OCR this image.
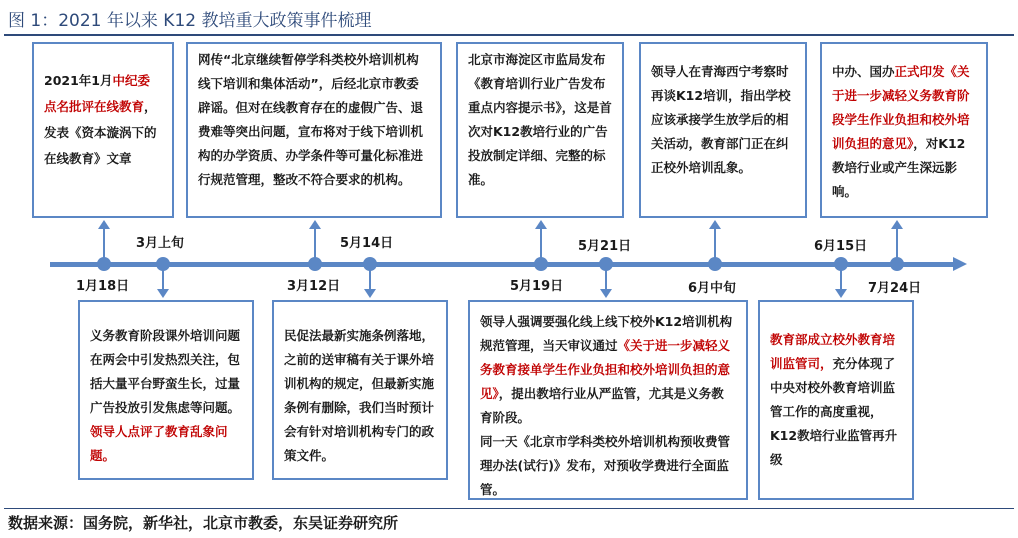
图 1：2021 年以来 K12 教培重大政策事件梳理
2021年1月中纪委点名批评在线教育，发表《资本漩涡下的在线教育》文章
网传“北京继续暂停学科类校外培训机构线下培训和集体活动”，后经北京市教委辟谣。但对在线教育存在的虚假广告、退费难等突出问题，宣布将对于线下培训机构的办学资质、办学条件等可量化标准进行规范管理，整改不符合要求的机构。
北京市海淀区市监局发布《教育培训行业广告发布重点内容提示书》，这是首次对K12教培行业的广告投放制定详细、完整的标准。
领导人在青海西宁考察时再谈K12培训，指出学校应该承接学生放学后的相关活动，教育部门正在纠正校外培训乱象。
中办、国办正式印发《关于进一步减轻义务教育阶段学生作业负担和校外培训负担的意见》，对K12教培行业或产生深远影响。
义务教育阶段课外培训问题在两会中引发热烈关注，包括大量平台野蛮生长，过量广告投放引发焦虑等问题。领导人点评了教育乱象问题。
民促法最新实施条例落地，之前的送审稿有关于课外培训机构的规定，但最新实施条例有删除，我们当时预计会有针对培训机构专门的政策文件。

领导人强调要强化线上线下校外K12培训机构规范管理，当天审议通过《关于进一步减轻义务教育接单学生作业负担和校外培训负担的意见》，提出教培行业从严监管，尤其是义务教育阶段。

同一天《北京市学科类校外培训机构预收费管理办法(试行)》发布，对预收学费进行全面监管。

教育部成立校外教育培训监管司，充分体现了中央对校外教育培训监管工作的高度重视，K12教培行业监管再升级
1月18日
3月上旬
3月12日
5月14日
5月19日
5月21日
6月中旬
6月15日
7月24日
数据来源：国务院，新华社，北京市教委，东吴证券研究所
